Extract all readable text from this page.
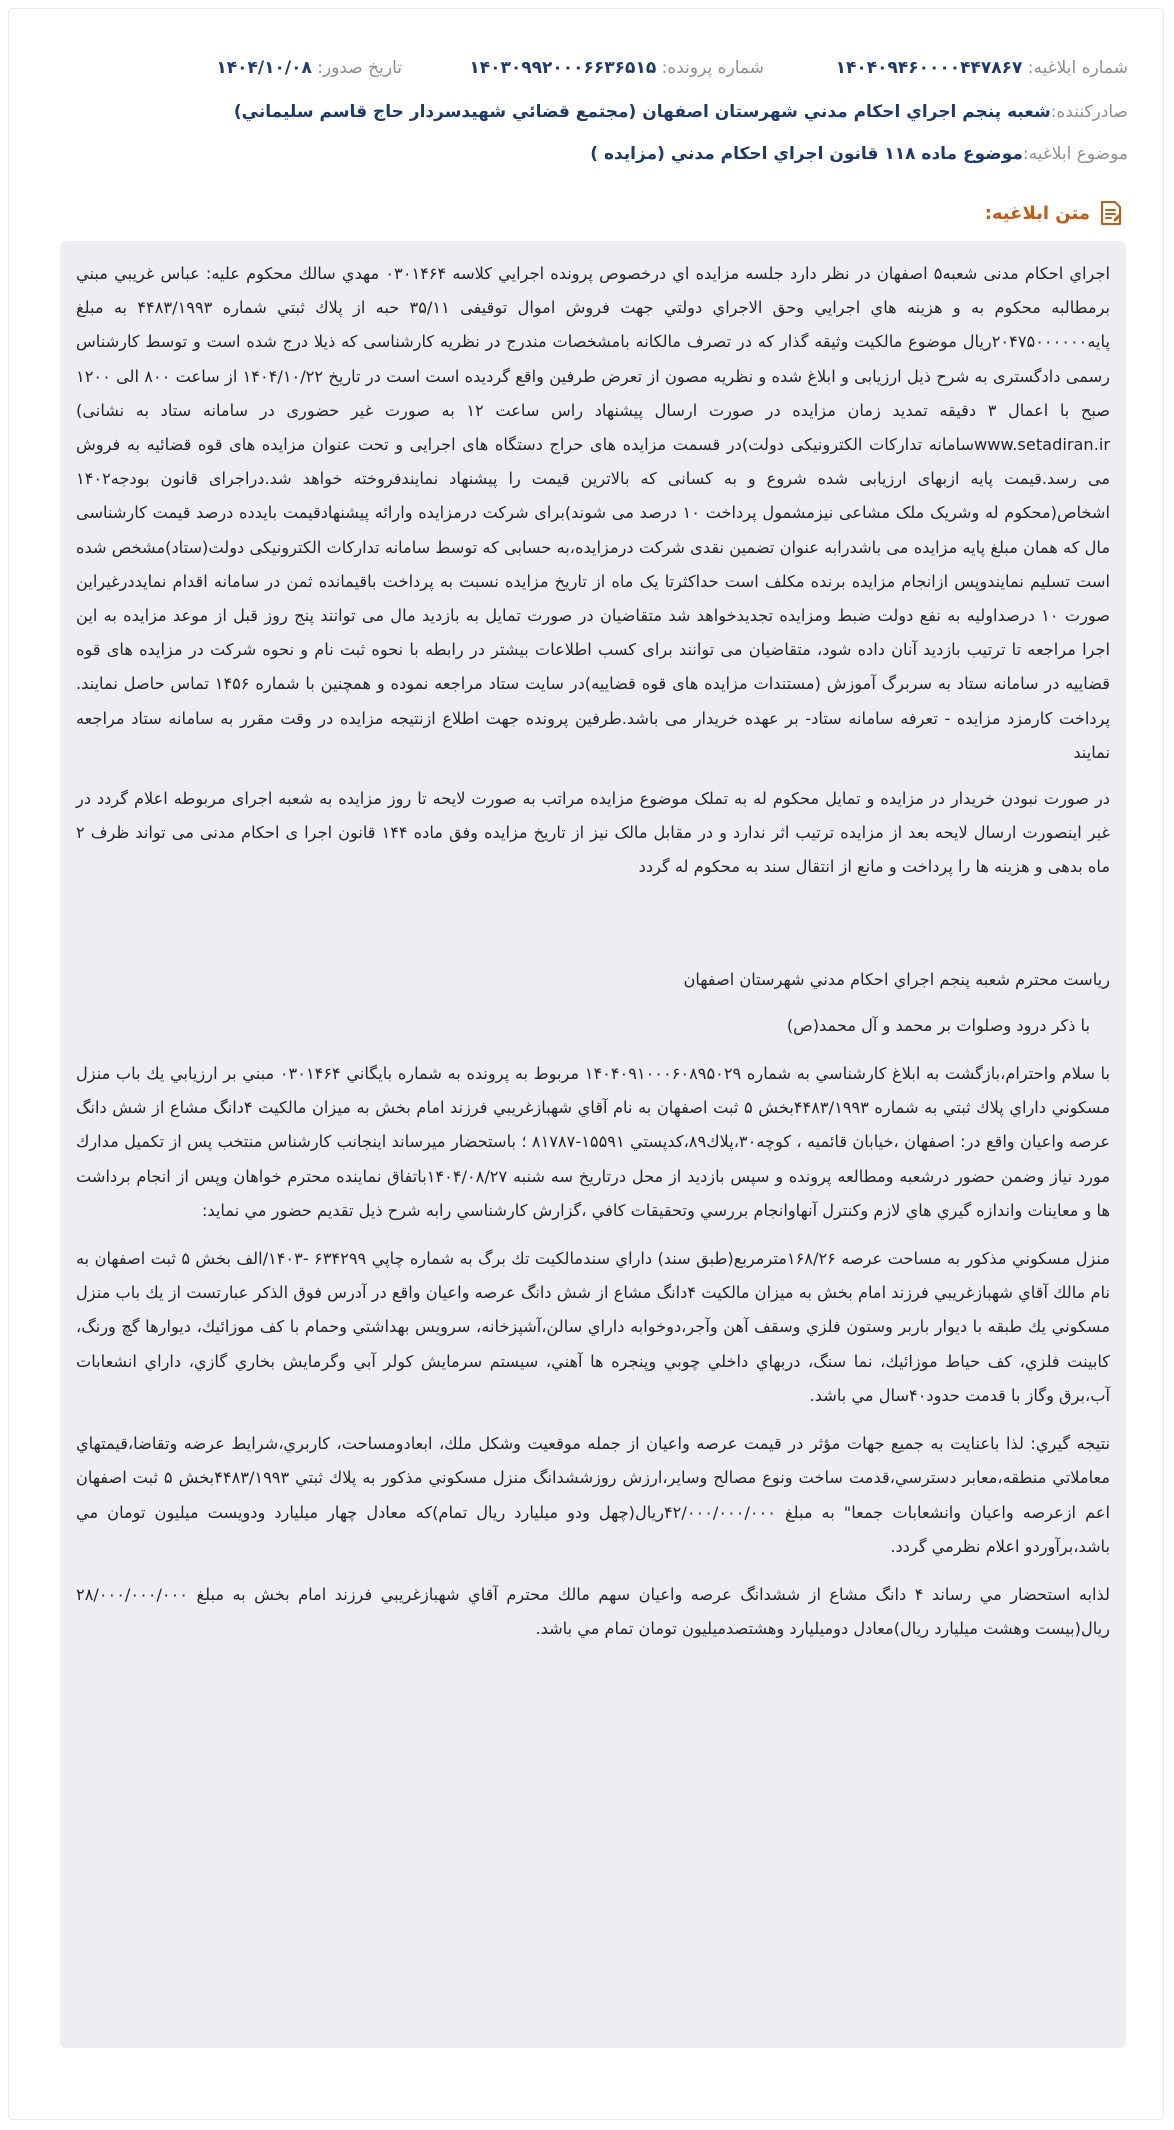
شماره ابلاغيه: ۱۴۰۴۰۹۴۶۰۰۰۰۴۴۷۸۶۷
شماره پرونده: ۱۴۰۳۰۹۹۲۰۰۰۶۶۳۶۵۱۵
تاريخ صدور: ۱۴۰۴/۱۰/۰۸
صادرکننده:
شعبه پنجم اجراي احکام مدني شهرستان اصفهان (مجتمع قضائي شهيدسردار حاج قاسم سليماني)
موضوع ابلاغيه:
موضوع ماده ۱۱۸ قانون اجراي احکام مدني (مزايده )
متن ابلاغيه:

اجراي احکام مدنی شعبه۵ اصفهان در نظر دارد جلسه مزايده اي درخصوص پرونده اجرايي کلاسه ۰۳۰۱۴۶۴ مهدي سالك محکوم عليه: عباس غريبي مبني برمطالبه محکوم به و هزينه هاي اجرايي وحق الاجراي دولتي جهت فروش اموال توقيفی ۳۵/۱۱ حبه از پلاك ثبتي شماره ۴۴۸۳/۱۹۹۳ به مبلغ پايه۲۰۴۷۵۰۰۰۰۰۰ريال موضوع مالکيت وثيقه گذار که در تصرف مالکانه بامشخصات مندرج در نظريه کارشناسی که ذيلا درج شده است و توسط کارشناس رسمی دادگستری به شرح ذيل ارزيابی و ابلاغ شده و نظريه مصون از تعرض طرفين واقع گرديده است است در تاريخ ۱۴۰۴/۱۰/۲۲ از ساعت ۸۰۰ الی ۱۲۰۰ صبح با اعمال ۳ دقيقه تمديد زمان مزايده در صورت ارسال پيشنهاد راس ساعت ۱۲ به صورت غير حضوری در سامانه ستاد به نشانی) www.setadiran.irسامانه تدارکات الکترونيکی دولت)در قسمت مزايده های حراج دستگاه های اجرايی و تحت عنوان مزايده های قوه قضائيه به فروش می رسد.قيمت پايه ازبهای ارزيابی شده شروع و به کسانی که بالاترين قيمت را پيشنهاد نمايندفروخته خواهد شد.دراجرای قانون بودجه۱۴۰۲ اشخاص(محکوم له وشريک ملک مشاعی نيزمشمول پرداخت ۱۰ درصد می شوند)برای شرکت درمزايده وارائه پيشنهادقيمت بايدده درصد قيمت کارشناسی مال که همان مبلغ پايه مزايده می باشدرابه عنوان تضمين نقدی شرکت درمزايده،به حسابی که توسط سامانه تدارکات الکترونيکی دولت(ستاد)مشخص شده است تسليم نمايندوپس ازانجام مزايده برنده مکلف است حداکثرتا يک ماه از تاريخ مزايده نسبت به پرداخت باقيمانده ثمن در سامانه اقدام نمايددرغيراين صورت ۱۰ درصداوليه به نفع دولت ضبط ومزايده تجديدخواهد شد متقاضيان در صورت تمايل به بازديد مال می توانند پنج روز قبل از موعد مزايده به اين اجرا مراجعه تا ترتيب بازديد آنان داده شود، متقاضيان می توانند برای کسب اطلاعات بيشتر در رابطه با نحوه ثبت نام و نحوه شرکت در مزايده های قوه قضاييه در سامانه ستاد به سربرگ آموزش (مستندات مزايده های قوه قضاييه)در سايت ستاد مراجعه نموده و همچنين با شماره ۱۴۵۶ تماس حاصل نمايند. پرداخت کارمزد مزايده - تعرفه سامانه ستاد- بر عهده خريدار می باشد.طرفين پرونده جهت اطلاع ازنتيجه مزايده در وقت مقرر به سامانه ستاد مراجعه نمايند

در صورت نبودن خريدار در مزايده و تمايل محکوم له به تملک موضوع مزايده مراتب به صورت لايحه تا روز مزايده به شعبه اجرای مربوطه اعلام گردد در غير اينصورت ارسال لايحه بعد از مزايده ترتيب اثر ندارد و در مقابل مالک نيز از تاريخ مزايده وفق ماده ۱۴۴ قانون اجرا ی احکام مدنی می تواند ظرف ۲ ماه بدهی و هزينه ها را پرداخت و مانع از انتقال سند به محکوم له گردد

رياست محترم شعبه پنجم اجراي احکام مدني شهرستان اصفهان

با ذكر درود وصلوات بر محمد و آل محمد(ص)

با سلام واحترام،بازگشت به ابلاغ كارشناسي به شماره ۱۴۰۴۰۹۱۰۰۰۶۰۸۹۵۰۲۹ مربوط به پرونده به شماره بايگاني ۰۳۰۱۴۶۴ مبني بر ارزيابي يك باب منزل مسكوني داراي پلاك ثبتي به شماره ۴۴۸۳/۱۹۹۳بخش ۵ ثبت اصفهان به نام آقاي شهبازغريبي فرزند امام بخش به ميزان مالكيت ۴دانگ مشاع از شش دانگ عرصه واعيان واقع در: اصفهان ،خيابان قائميه ، كوچه۳۰،پلاك۸۹،كدپستي ۱۵۵۹۱-۸۱۷۸۷ ؛ باستحضار ميرساند اينجانب كارشناس منتخب پس از تكميل مدارك مورد نياز وضمن حضور درشعبه ومطالعه پرونده و سپس بازديد از محل درتاريخ سه شنبه ۱۴۰۴/۰۸/۲۷باتفاق نماينده محترم خواهان وپس از انجام برداشت ها و معاينات واندازه گيري هاي لازم وكنترل آنهاوانجام بررسي وتحقيقات كافي ،گزارش كارشناسي رابه شرح ذيل تقديم حضور مي نمايد:

منزل مسكوني مذكور به مساحت عرصه ۱۶۸/۲۶مترمربع(طبق سند) داراي سندمالكيت تك برگ به شماره چاپي ۶۳۴۲۹۹ -۱۴۰۳/الف بخش ۵ ثبت اصفهان به نام مالك آقاي شهبازغريبي فرزند امام بخش به ميزان مالكيت ۴دانگ مشاع از شش دانگ عرصه واعيان واقع در آدرس فوق الذكر عبارتست از يك باب منزل مسكوني يك طبقه با ديوار باربر وستون فلزي وسقف آهن وآجر،دوخوابه داراي سالن،آشپزخانه، سرويس بهداشتي وحمام با كف موزائيك، ديوارها گچ ورنگ، كابينت فلزي، كف حياط موزائيك، نما سنگ، دربهاي داخلي چوبي وپنجره ها آهني، سيستم سرمايش كولر آبي وگرمايش بخاري گازي، داراي انشعابات آب،برق وگاز با قدمت حدود۴۰سال مي باشد.

نتيجه گيري: لذا باعنايت به جميع جهات مؤثر در قيمت عرصه واعيان از جمله موقعيت وشكل ملك، ابعادومساحت، كاربري،شرايط عرضه وتقاضا،قيمتهاي معاملاتي منطقه،معابر دسترسي،قدمت ساخت ونوع مصالح وساير،ارزش روزششدانگ منزل مسكوني مذكور به پلاك ثبتي ۴۴۸۳/۱۹۹۳بخش ۵ ثبت اصفهان اعم ازعرصه واعيان وانشعابات جمعا" به مبلغ ۴۲/۰۰۰/۰۰۰/۰۰۰ريال(چهل ودو ميليارد ريال تمام)كه معادل چهار ميليارد ودويست ميليون تومان مي باشد،برآوردو اعلام نظرمي گردد.

لذابه استحضار مي رساند ۴ دانگ مشاع از ششدانگ عرصه واعيان سهم مالك محترم آقاي شهبازغريبي فرزند امام بخش به مبلغ ۲۸/۰۰۰/۰۰۰/۰۰۰ ريال(بيست وهشت ميليارد ريال)معادل دوميليارد وهشتصدميليون تومان تمام مي باشد.
